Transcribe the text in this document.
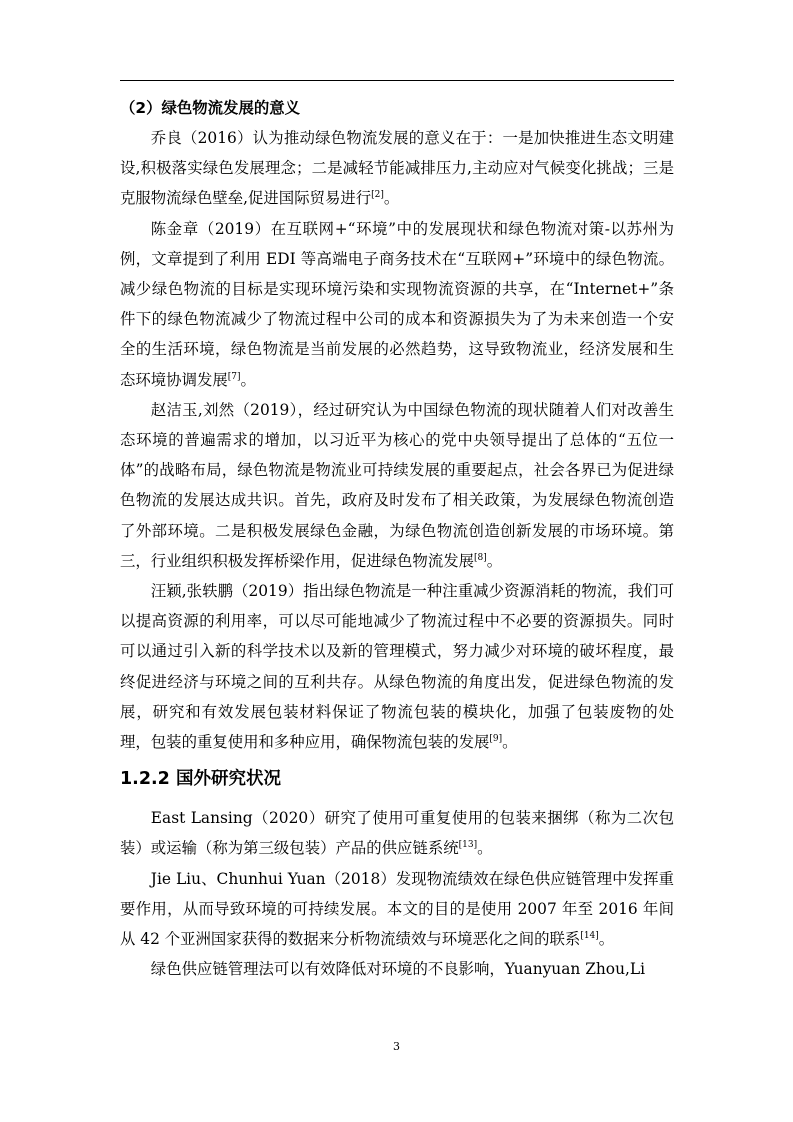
（2）绿色物流发展的意义

乔良（2016）认为推动绿色物流发展的意义在于：一是加快推进生态文明建设,积极落实绿色发展理念；二是减轻节能减排压力,主动应对气候变化挑战；三是克服物流绿色壁垒,促进国际贸易进行[2]。

陈金章（2019）在互联网+“环境”中的发展现状和绿色物流对策-以苏州为例，文章提到了利用 EDI 等高端电子商务技术在“互联网+”环境中的绿色物流。减少绿色物流的目标是实现环境污染和实现物流资源的共享，在“Internet+”条件下的绿色物流减少了物流过程中公司的成本和资源损失为了为未来创造一个安全的生活环境，绿色物流是当前发展的必然趋势，这导致物流业，经济发展和生态环境协调发展[7]。

赵洁玉,刘然（2019），经过研究认为中国绿色物流的现状随着人们对改善生态环境的普遍需求的增加，以习近平为核心的党中央领导提出了总体的“五位一体”的战略布局，绿色物流是物流业可持续发展的重要起点，社会各界已为促进绿色物流的发展达成共识。首先，政府及时发布了相关政策，为发展绿色物流创造了外部环境。二是积极发展绿色金融，为绿色物流创造创新发展的市场环境。第三，行业组织积极发挥桥梁作用，促进绿色物流发展[8]。

汪颖,张轶鹏（2019）指出绿色物流是一种注重减少资源消耗的物流，我们可以提高资源的利用率，可以尽可能地减少了物流过程中不必要的资源损失。同时可以通过引入新的科学技术以及新的管理模式，努力减少对环境的破坏程度，最终促进经济与环境之间的互利共存。从绿色物流的角度出发，促进绿色物流的发展，研究和有效发展包装材料保证了物流包装的模块化，加强了包装废物的处理，包装的重复使用和多种应用，确保物流包装的发展[9]。

1.2.2 国外研究状况

East Lansing（2020）研究了使用可重复使用的包装来捆绑（称为二次包装）或运输（称为第三级包装）产品的供应链系统[13]。

Jie Liu、Chunhui Yuan（2018）发现物流绩效在绿色供应链管理中发挥重要作用，从而导致环境的可持续发展。本文的目的是使用 2007 年至 2016 年间从 42 个亚洲国家获得的数据来分析物流绩效与环境恶化之间的联系[14]。

绿色供应链管理法可以有效降低对环境的不良影响，Yuanyuan Zhou,Li

3
